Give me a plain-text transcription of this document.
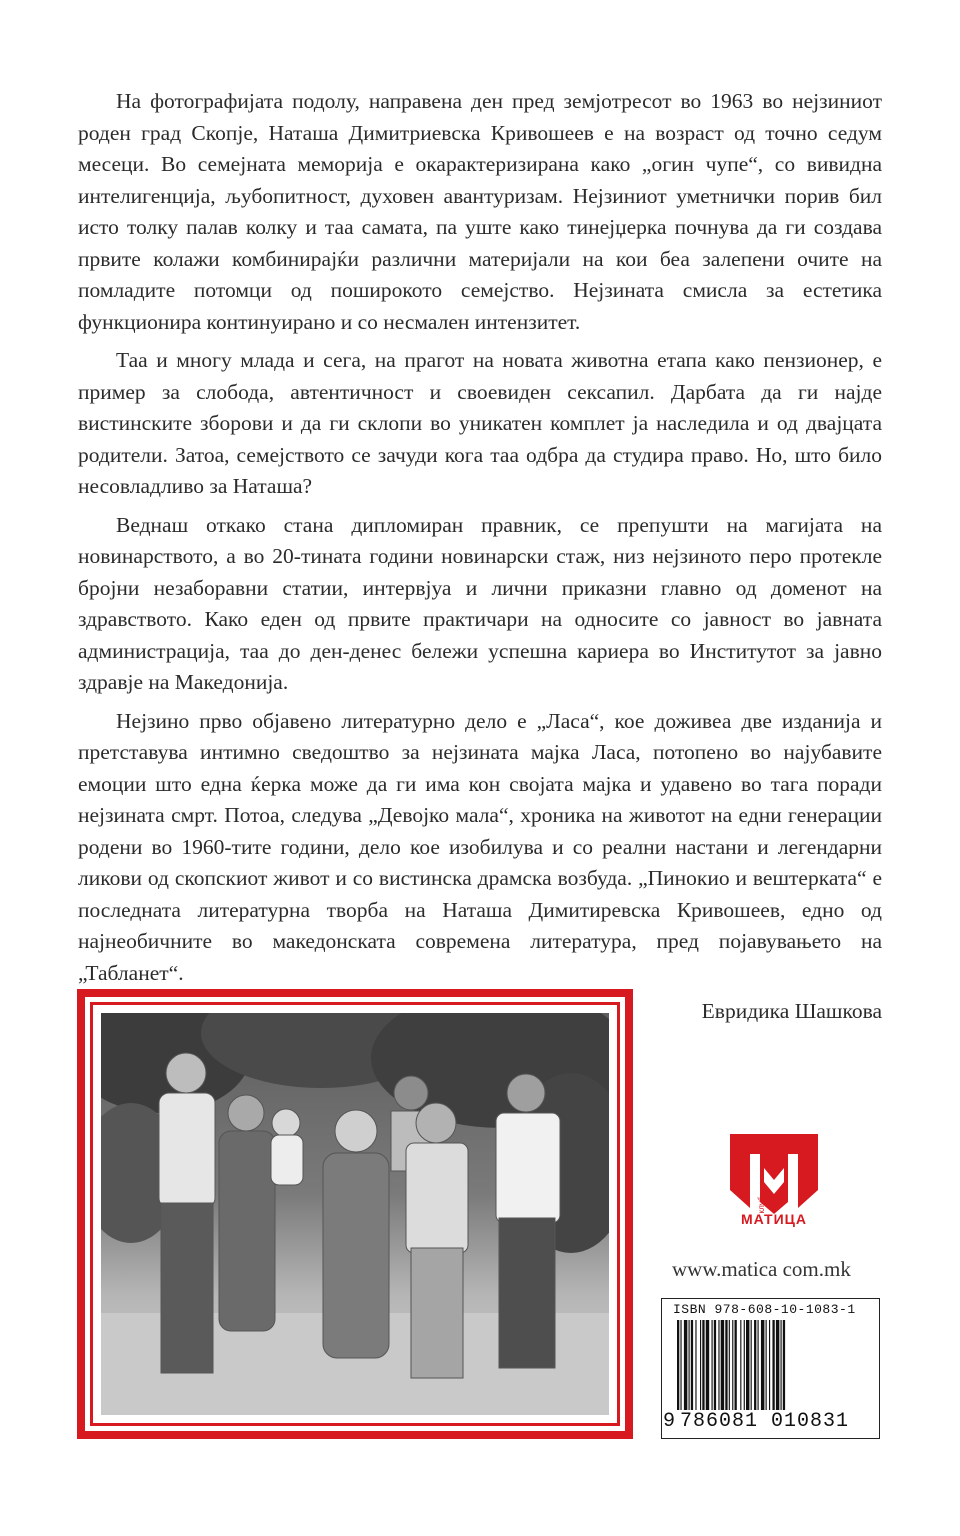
На фотографијата подолу, направена ден пред земјотресот во 1963 во нејзиниот роден град Скопје, Наташа Димитриевска Кривошеев е на возраст од точно седум месеци. Во семејната меморија е окарактеризирана како „огин чупе“, со вивидна интелигенција, љубопитност, духовен авантуризам. Нејзиниот уметнички порив бил исто толку палав колку и таа самата, па уште како тинејџерка почнува да ги создава првите колажи комбинирајќи различни материјали на кои беа залепени очите на помладите потомци од поширокото семејство. Нејзината смисла за естетика функционира континуирано и со несмален интензитет.

Таа и многу млада и сега, на прагот на новата животна етапа како пензионер, е пример за слобода, автентичност и своевиден сексапил. Дарбата да ги најде вистинските зборови и да ги склопи во уникатен комплет ја наследила и од двајцата родители. Затоа, семејството се зачуди кога таа одбра да студира право. Но, што било несовладливо за Наташа?

Веднаш откако стана дипломиран правник, се препушти на магијата на новинарството, а во 20-тината години новинарски стаж, низ нејзиното перо протекле бројни незаборавни статии, интервјуа и лични приказни главно од доменот на здравството. Како еден од првите практичари на односите со јавност во јавната администрација, таа до ден-денес бележи успешна кариера во Институтот за јавно здравје на Македонија.

Нејзино прво објавено литературно дело е „Ласа“, кое доживеа две изданија и претставува интимно сведоштво за нејзината мајка Ласа, потопено во најубавите емоции што една ќерка може да ги има кон својата мајка и удавено во тага поради нејзината смрт. Потоа, следува „Девојко мала“, хроника на животот на едни генерации родени во 1960-тите години, дело кое изобилува и со реални настани и легендарни ликови од скопскиот живот и со вистинска драмска возбуда. „Пинокио и вештерката“ е последната литературна творба на Наташа Димитиревска Кривошеев, едно од најнеобичните во македонската современа литература, пред појавувањето на „Табланет“.

Евридика Шашкова

клуб
МАТИЦА
www.matica com.mk
ISBN 978-608-10-1083-1
9 786081 010831
